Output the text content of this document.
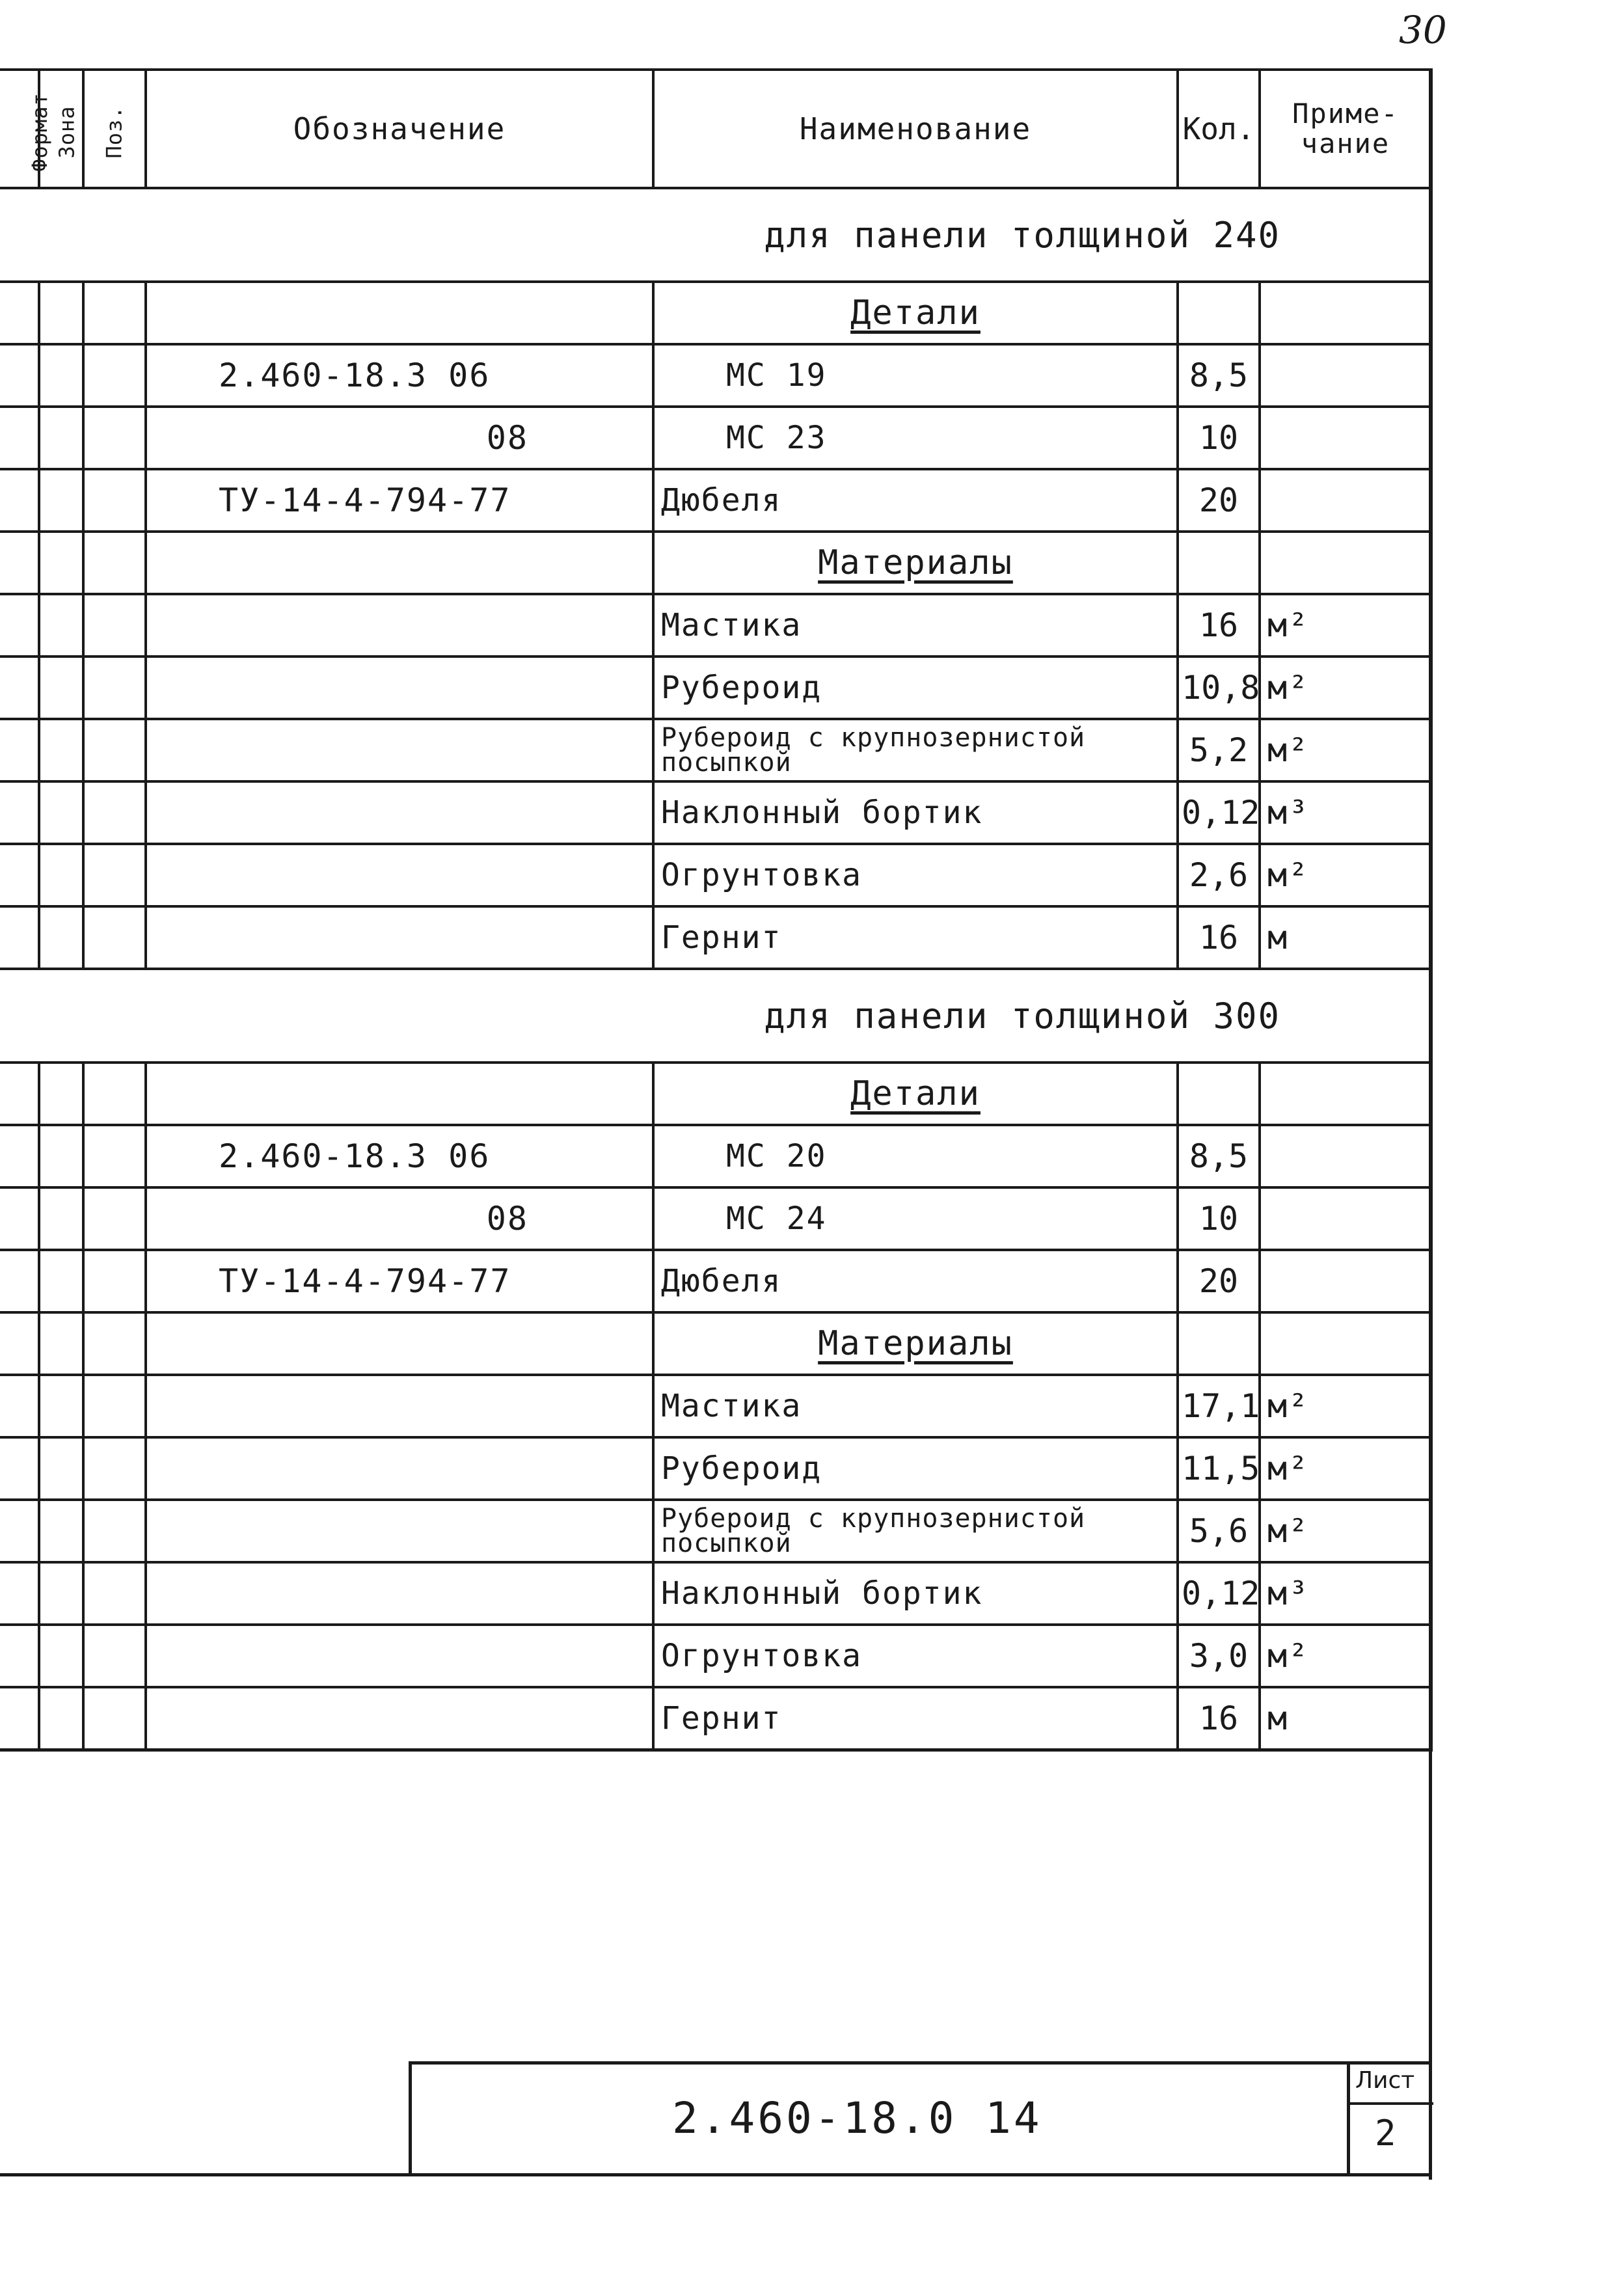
30
Формат	Зона	Поз.	Обозначение	Наименование	Кол.	Приме- чание
для панели толщиной 240						
				Детали		
			2.460-18.3 06	МС 19	8,5	
			08	МС 23	10	
			ТУ-14-4-794-77	Дюбеля	20	
				Материалы		
				Мастика	16	м²
				Рубероид	10,8	м²
				Рубероид с крупнозернистой посыпкой	5,2	м²
				Наклонный бортик	0,12	м³
				Огрунтовка	2,6	м²
				Гернит	16	м
для панели толщиной 300						
				Детали		
			2.460-18.3 06	МС 20	8,5	
			08	МС 24	10	
			ТУ-14-4-794-77	Дюбеля	20	
				Материалы		
				Мастика	17,1	м²
				Рубероид	11,5	м²
				Рубероид с крупнозернистой посыпкой	5,6	м²
				Наклонный бортик	0,12	м³
				Огрунтовка	3,0	м²
				Гернит	16	м
2.460-18.0 14
Лист
2
